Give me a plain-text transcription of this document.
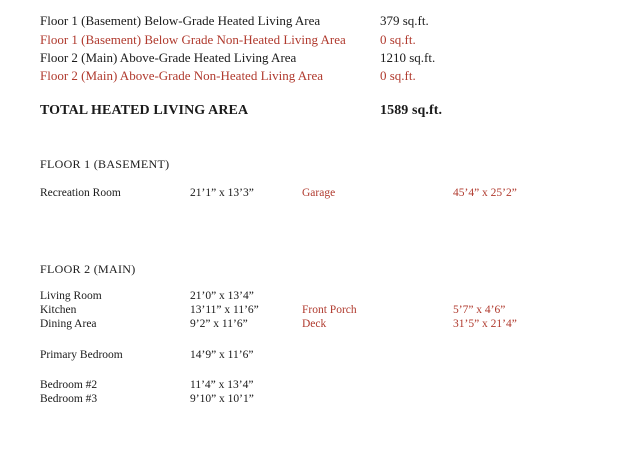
Floor 1 (Basement) Below-Grade Heated Living Area	379 sq.ft.
Floor 1 (Basement) Below Grade Non-Heated Living Area	0 sq.ft.
Floor 2 (Main) Above-Grade Heated Living Area	1210 sq.ft.
Floor 2 (Main) Above-Grade Non-Heated Living Area	0 sq.ft.
TOTAL HEATED LIVING AREA	1589 sq.ft.
FLOOR 1 (BASEMENT)
Recreation Room	21’1” x 13’3”	Garage	45’4” x 25’2”
FLOOR 2 (MAIN)
Living Room	21’0” x 13’4”
Kitchen	13’11” x 11’6”	Front Porch	5’7” x 4’6”
Dining Area	9’2” x 11’6”	Deck	31’5” x 21’4”
Primary Bedroom	14’9” x 11’6”
Bedroom #2	11’4” x 13’4”
Bedroom #3	9’10” x 10’1”
